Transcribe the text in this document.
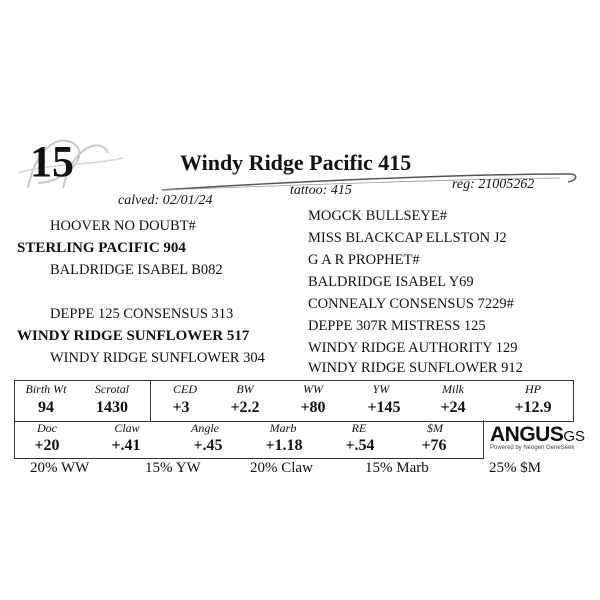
15	Windy Ridge Pacific 415
calved: 02/01/24
tattoo: 415	reg: 21005262
HOOVER NO DOUBT#
STERLING PACIFIC 904
BALDRIDGE ISABEL B082
DEPPE 125 CONSENSUS 313
WINDY RIDGE SUNFLOWER 517
WINDY RIDGE SUNFLOWER 304
MOGCK BULLSEYE#
MISS BLACKCAP ELLSTON J2
G A R PROPHET#
BALDRIDGE ISABEL Y69
CONNEALY CONSENSUS 7229#
DEPPE 307R MISTRESS 125
WINDY RIDGE AUTHORITY 129
WINDY RIDGE SUNFLOWER 912
Birth Wt	Scrotal
94	1430
CED	BW	WW	YW	Milk	HP
+3	+2.2	+80	+145	+24	+12.9
Doc	Claw	Angle	Marb	RE	$M
+20	+.41	+.45	+1.18	+.54	+76	ANGUSGS
Powered by Neogen GeneSeek
20% WW	15% YW	20% Claw	15% Marb	25% $M
